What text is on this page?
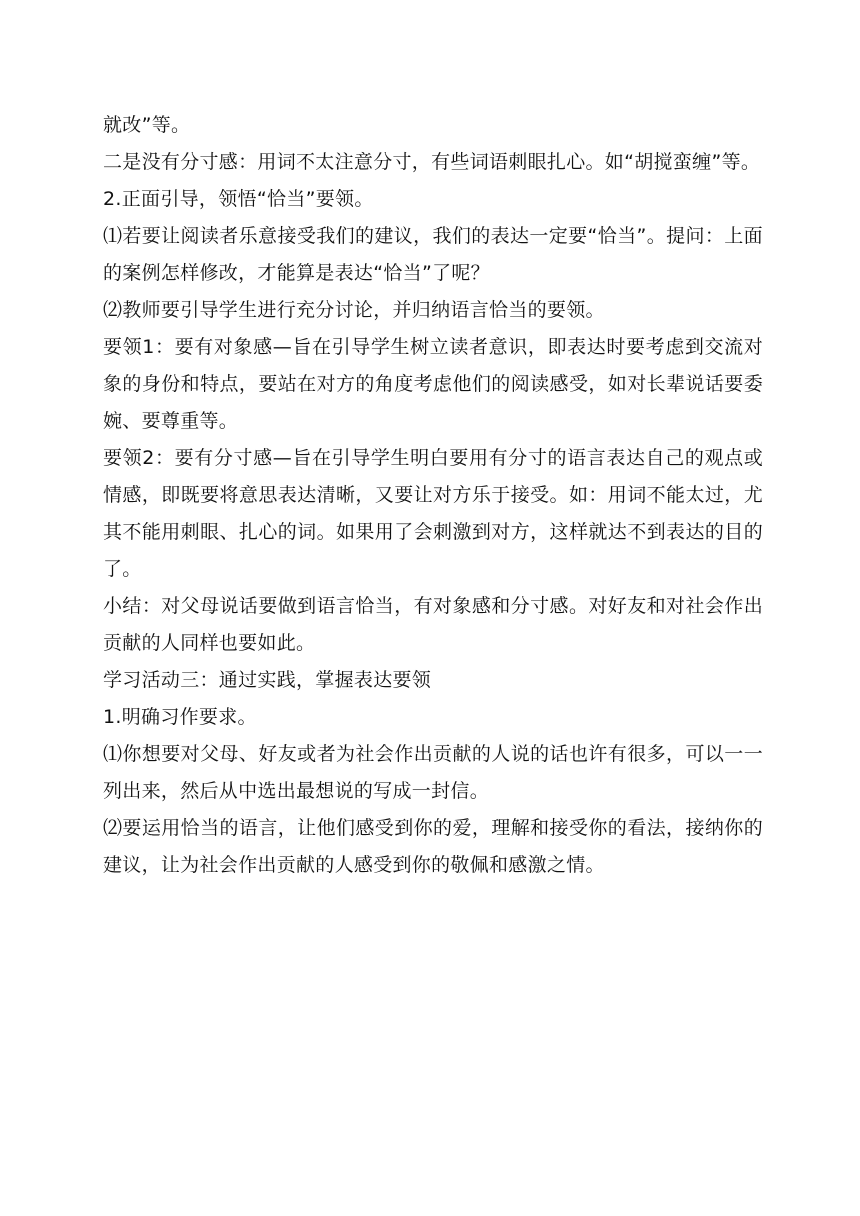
就改”等。

二是没有分寸感：用词不太注意分寸，有些词语刺眼扎心。如“胡搅蛮缠”等。

2.正面引导，领悟“恰当”要领。

⑴若要让阅读者乐意接受我们的建议，我们的表达一定要“恰当”。提问：上面的案例怎样修改，才能算是表达“恰当”了呢？

⑵教师要引导学生进行充分讨论，并归纳语言恰当的要领。

要领1：要有对象感—旨在引导学生树立读者意识，即表达时要考虑到交流对象的身份和特点，要站在对方的角度考虑他们的阅读感受，如对长辈说话要委婉、要尊重等。

要领2：要有分寸感—旨在引导学生明白要用有分寸的语言表达自己的观点或情感，即既要将意思表达清晰，又要让对方乐于接受。如：用词不能太过，尤其不能用刺眼、扎心的词。如果用了会刺激到对方，这样就达不到表达的目的了。

小结：对父母说话要做到语言恰当，有对象感和分寸感。对好友和对社会作出贡献的人同样也要如此。

学习活动三：通过实践，掌握表达要领

1.明确习作要求。

⑴你想要对父母、好友或者为社会作出贡献的人说的话也许有很多，可以一一列出来，然后从中选出最想说的写成一封信。

⑵要运用恰当的语言，让他们感受到你的爱，理解和接受你的看法，接纳你的建议，让为社会作出贡献的人感受到你的敬佩和感激之情。
